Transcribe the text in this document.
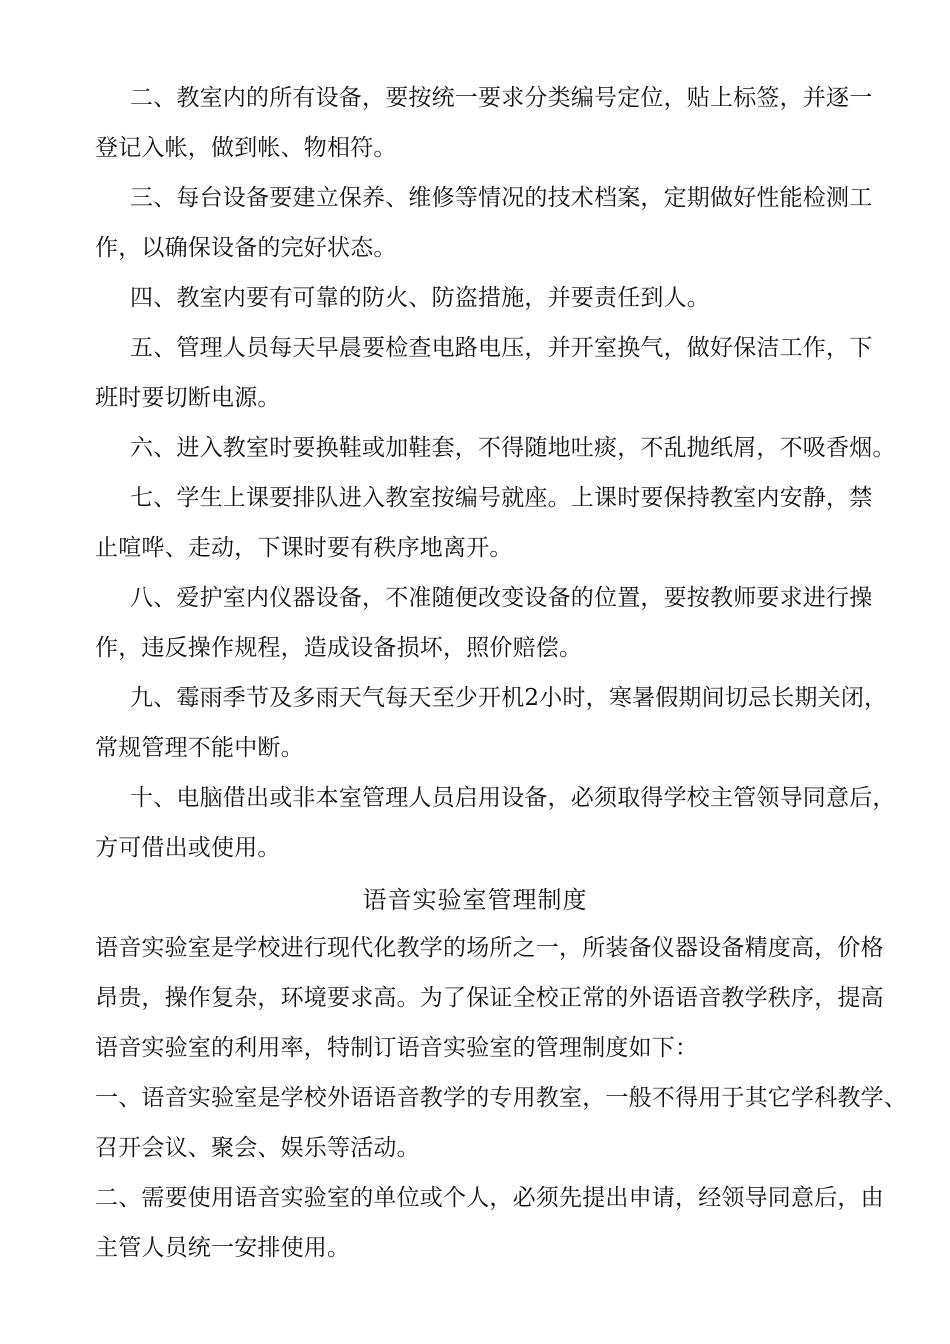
二、教室内的所有设备，要按统一要求分类编号定位，贴上标签，并逐一
登记入帐，做到帐、物相符。
三、每台设备要建立保养、维修等情况的技术档案，定期做好性能检测工
作，以确保设备的完好状态。
四、教室内要有可靠的防火、防盗措施，并要责任到人。
五、管理人员每天早晨要检查电路电压，并开室换气，做好保洁工作，下
班时要切断电源。
六、进入教室时要换鞋或加鞋套，不得随地吐痰，不乱抛纸屑，不吸香烟。
七、学生上课要排队进入教室按编号就座。上课时要保持教室内安静，禁
止喧哗、走动，下课时要有秩序地离开。
八、爱护室内仪器设备，不准随便改变设备的位置，要按教师要求进行操
作，违反操作规程，造成设备损坏，照价赔偿。
九、霉雨季节及多雨天气每天至少开机2小时，寒暑假期间切忌长期关闭，
常规管理不能中断。
十、电脑借出或非本室管理人员启用设备，必须取得学校主管领导同意后，
方可借出或使用。
语音实验室管理制度
语音实验室是学校进行现代化教学的场所之一，所装备仪器设备精度高，价格
昂贵，操作复杂，环境要求高。为了保证全校正常的外语语音教学秩序，提高
语音实验室的利用率，特制订语音实验室的管理制度如下：
一、语音实验室是学校外语语音教学的专用教室，一般不得用于其它学科教学、
召开会议、聚会、娱乐等活动。
二、需要使用语音实验室的单位或个人，必须先提出申请，经领导同意后，由
主管人员统一安排使用。
